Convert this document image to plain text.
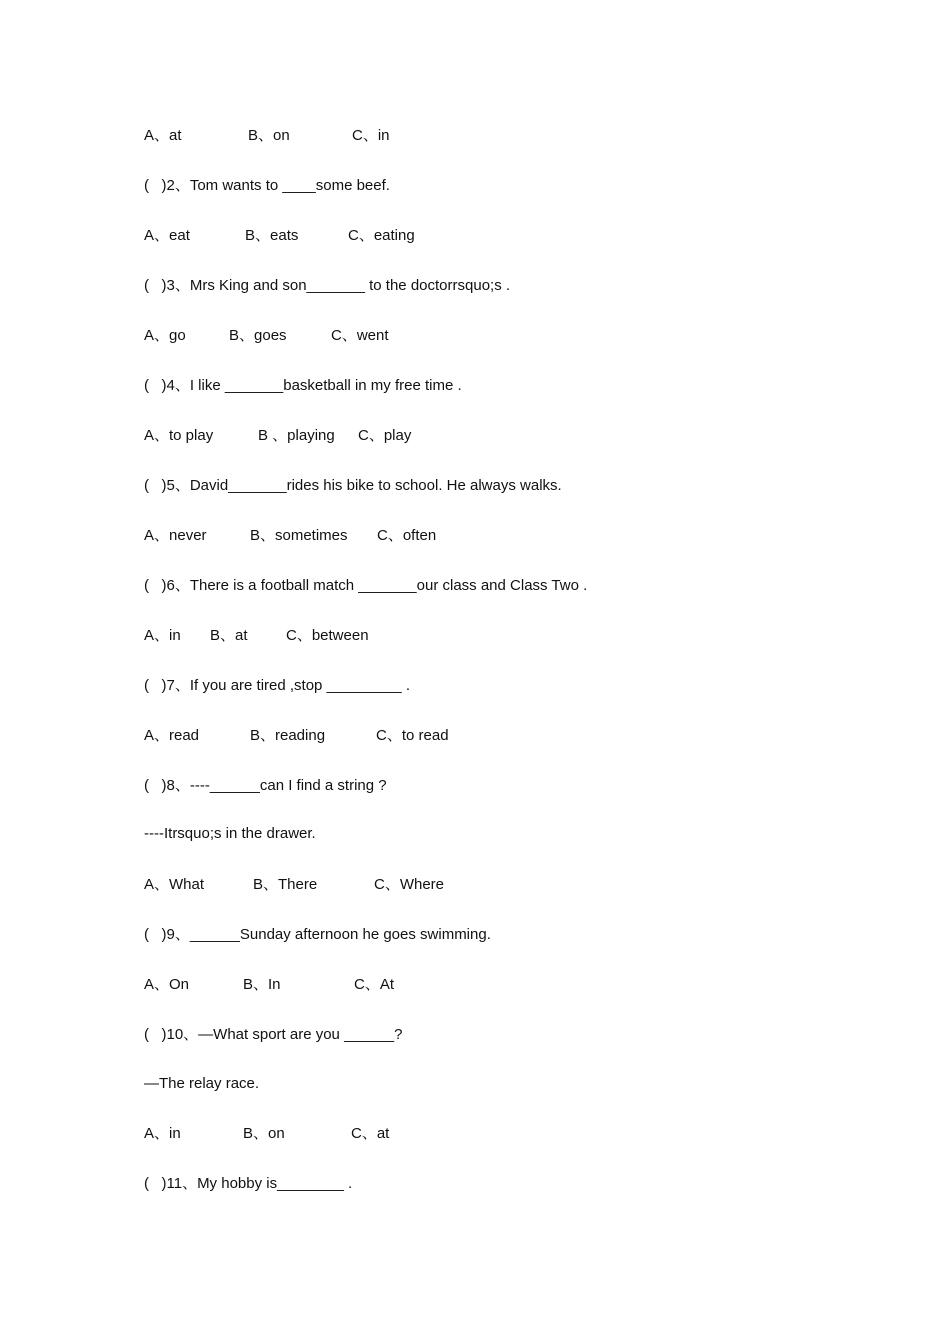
A、at

	B、on

	C、in

(   )2、Tom wants to ____some beef.

A、eat

	B、eats

	C、eating

(   )3、Mrs King and son_______ to the doctorrsquo;s .

A、go

	B、goes

	C、went

(   )4、I like _______basketball in my free time .

A、to play

	B 、playing

C、play

(   )5、David_______rides his bike to school. He always walks.

A、never

	B、sometimes

C、often

(   )6、There is a football match _______our class and Class Two .

A、in

B、at

	C、between

(   )7、If you are tired ,stop _________ .

A、read

	B、reading

	C、to read

(   )8、----______can I find a string ?
----Itrsquo;s in the drawer.

A、What

	B、There

	C、Where

(   )9、______Sunday afternoon he goes swimming.

A、On

	B、In

	C、At

(   )10、—What sport are you ______?
—The relay race.

A、in

	B、on

	C、at

(   )11、My hobby is________ .
